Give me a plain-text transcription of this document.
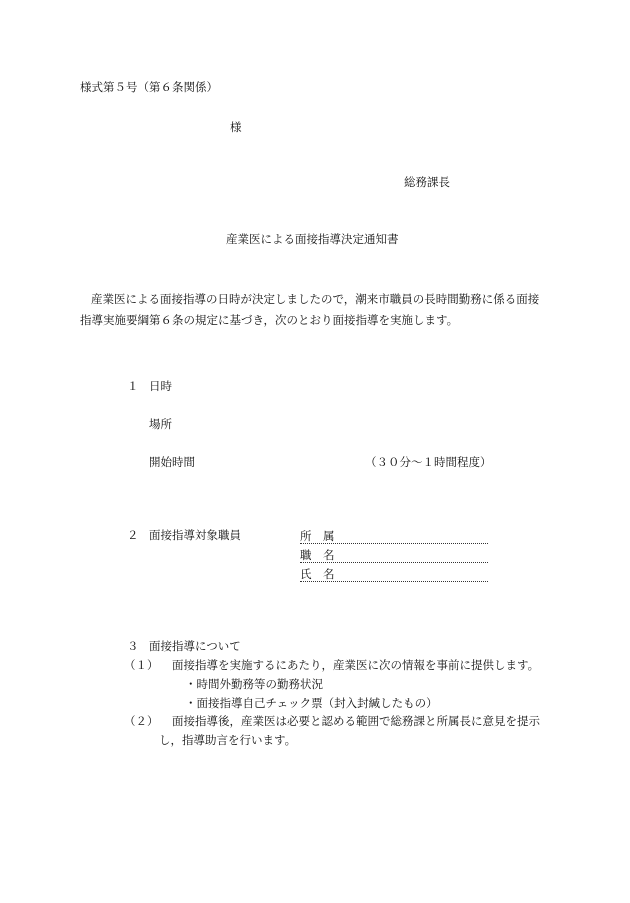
様式第５号（第６条関係）
様
総務課長
産業医による面接指導決定通知書
産業医による面接指導の日時が決定しましたので，潮来市職員の長時間勤務に係る面接指導実施要綱第６条の規定に基づき，次のとおり面接指導を実施します。
１ 日時
場所
開始時間	（３０分～１時間程度）
２ 面接指導対象職員	所　属
職　名
氏　名
３ 面接指導について
（１） 面接指導を実施するにあたり，産業医に次の情報を事前に提供します。
・時間外勤務等の勤務状況
・面接指導自己チェック票（封入封緘したもの）
（２） 面接指導後，産業医は必要と認める範囲で総務課と所属長に意見を提示
し，指導助言を行います。
